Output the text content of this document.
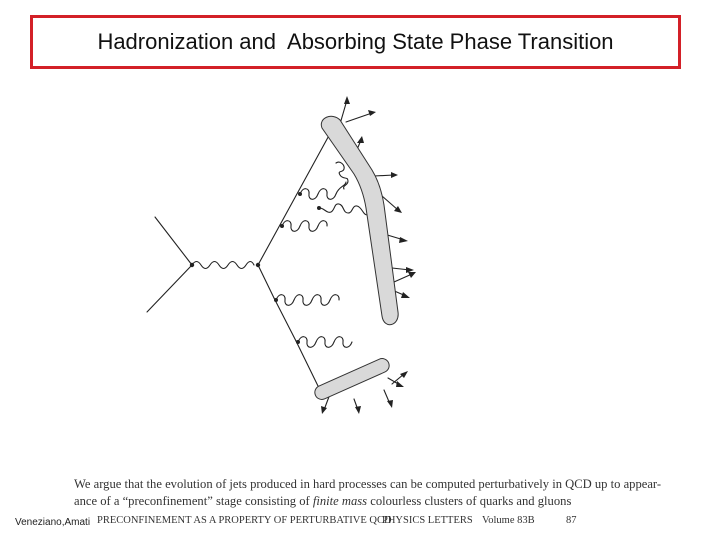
Hadronization and  Absorbing State Phase Transition
We argue that the evolution of jets produced in hard processes can be computed perturbatively in QCD up to appear-
ance of a “preconfinement” stage consisting of finite mass colourless clusters of quarks and gluons
Veneziano,Amati PRECONFINEMENT AS A PROPERTY OF PERTURBATIVE QCD
PHYSICS LETTERS Volume 83B	87
